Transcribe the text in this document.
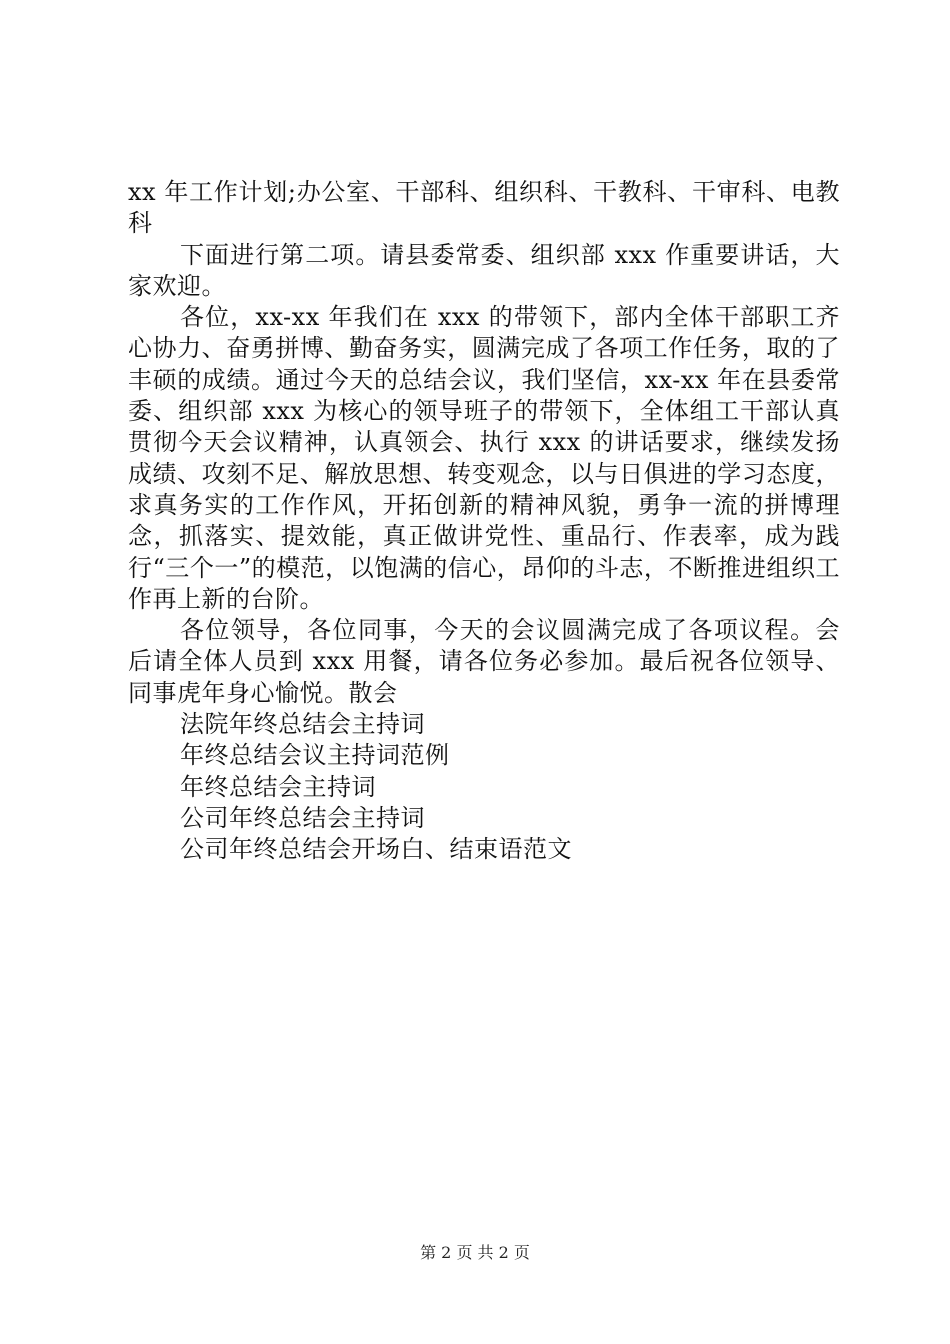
xx 年工作计划;办公室、干部科、组织科、干教科、干审科、电教科

下面进行第二项。请县委常委、组织部 xxx 作重要讲话，大家欢迎。

各位，xx-xx 年我们在 xxx 的带领下，部内全体干部职工齐心协力、奋勇拼博、勤奋务实，圆满完成了各项工作任务，取的了丰硕的成绩。通过今天的总结会议，我们坚信，xx-xx 年在县委常委、组织部 xxx 为核心的领导班子的带领下，全体组工干部认真贯彻今天会议精神，认真领会、执行 xxx 的讲话要求，继续发扬成绩、攻刻不足、解放思想、转变观念，以与日俱进的学习态度，求真务实的工作作风，开拓创新的精神风貌，勇争一流的拼博理念，抓落实、提效能，真正做讲党性、重品行、作表率，成为践行“三个一”的模范，以饱满的信心，昂仰的斗志，不断推进组织工作再上新的台阶。

各位领导，各位同事，今天的会议圆满完成了各项议程。会后请全体人员到 xxx 用餐，请各位务必参加。最后祝各位领导、同事虎年身心愉悦。散会

法院年终总结会主持词

年终总结会议主持词范例

年终总结会主持词

公司年终总结会主持词

公司年终总结会开场白、结束语范文

第 2 页 共 2 页
